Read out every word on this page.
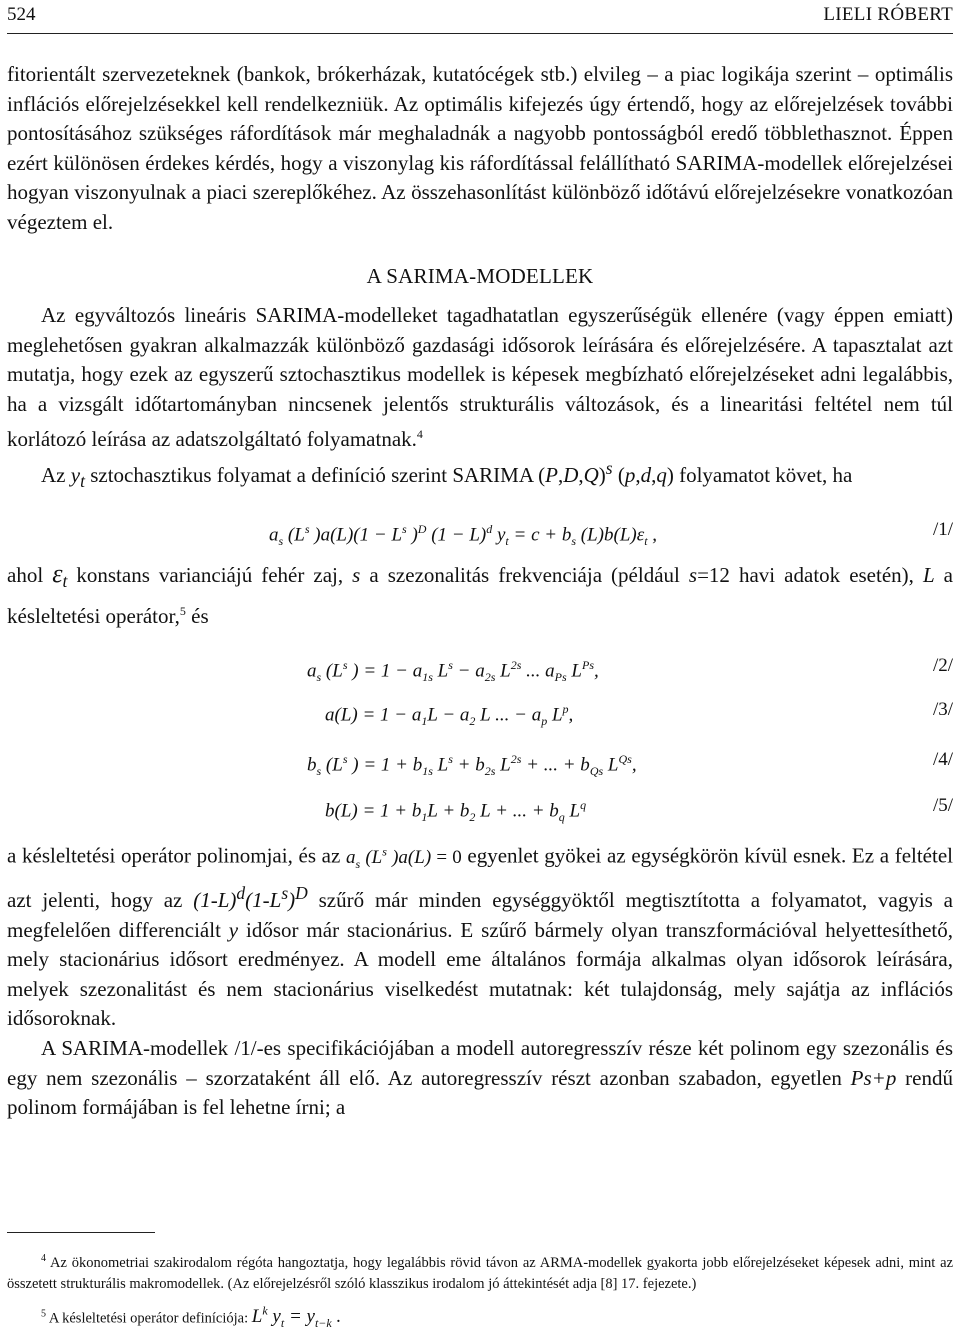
524	LIELI RÓBERT

fitorientált szervezeteknek (bankok, brókerházak, kutatócégek stb.) elvileg – a piac logikája szerint – optimális inflációs előrejelzésekkel kell rendelkezniük. Az optimális kifejezés úgy értendő, hogy az előrejelzések további pontosításához szükséges ráfordítások már meghaladnák a nagyobb pontosságból eredő többlethasznot. Éppen ezért különösen érdekes kérdés, hogy a viszonylag kis ráfordítással felállítható SARIMA-modellek előrejelzései hogyan viszonyulnak a piaci szereplőkéhez. Az összehasonlítást különböző időtávú előrejelzésekre vonatkozóan végeztem el.

A SARIMA-MODELLEK

Az egyváltozós lineáris SARIMA-modelleket tagadhatatlan egyszerűségük ellenére (vagy éppen emiatt) meglehetősen gyakran alkalmazzák különböző gazdasági idősorok leírására és előrejelzésére. A tapasztalat azt mutatja, hogy ezek az egyszerű sztochasztikus modellek is képesek megbízható előrejelzéseket adni legalábbis, ha a vizsgált időtartományban nincsenek jelentős strukturális változások, és a linearitási feltétel nem túl korlátozó leírása az adatszolgáltató folyamatnak.$^4$

Az $y_t$ sztochasztikus folyamat a definíció szerint SARIMA $(P,D,Q)^s$ (p,d,q) folyamatot követ, ha

$a_s$ ($L^s$ )$a(L)(1 - L^s$ )$^D$ $(1 - L)^d$ $y_t = c + b_s$ $(L)b(L)\varepsilon_t$ ,	/1/

ahol $\varepsilon_t$ konstans varianciájú fehér zaj, s a szezonalitás frekvenciája (például s=12 havi adatok esetén), L a késleltetési operátor,$^5$ és

$a_s$ ($L^s$ ) = $1 - a_{1s}$ $L^s - a_{2s}$ $L^{2s}$ ... $a_{Ps}$ $L^{Ps}$,	/2/
$a(L) = 1 - a_1L - a_2$ L ... − $a_p$ $L^p$,	/3/
$b_s$ ($L^s$ ) = $1 + b_{1s}$ $L^s + b_{2s}$ $L^{2s}$ + ... + $b_{Qs}$ $L^{Qs}$,	/4/
$b(L) = 1 + b_1L + b_2$ L + ... + $b_q$ $L^q$	/5/

a késleltetési operátor polinomjai, és az $a_s$ ($L^s$ )a(L) = 0 egyenlet gyökei az egységkörön kívül esnek. Ez a feltétel azt jelenti, hogy az $(1-L)^d(1-L^s)^D$ szűrő már minden egységgyöktől megtisztította a folyamatot, vagyis a megfelelően differenciált y idősor már stacionárius. E szűrő bármely olyan transzformációval helyettesíthető, mely stacionárius idősort eredményez. A modell eme általános formája alkalmas olyan idősorok leírására, melyek szezonalitást és nem stacionárius viselkedést mutatnak: két tulajdonság, mely sajátja az inflációs idősoroknak.

A SARIMA-modellek /1/-es specifikációjában a modell autoregresszív része két polinom egy szezonális és egy nem szezonális – szorzataként áll elő. Az autoregresszív részt azonban szabadon, egyetlen Ps+p rendű polinom formájában is fel lehetne írni; a

$^4$ Az ökonometriai szakirodalom régóta hangoztatja, hogy legalábbis rövid távon az ARMA-modellek gyakorta jobb előrejelzéseket képesek adni, mint az összetett strukturális makromodellek. (Az előrejelzésről szóló klasszikus irodalom jó áttekintését adja [8] 17. fejezete.)

$^5$ A késleltetési operátor definíciója: $L^k$ $y_t = y_{t-k}$ .
